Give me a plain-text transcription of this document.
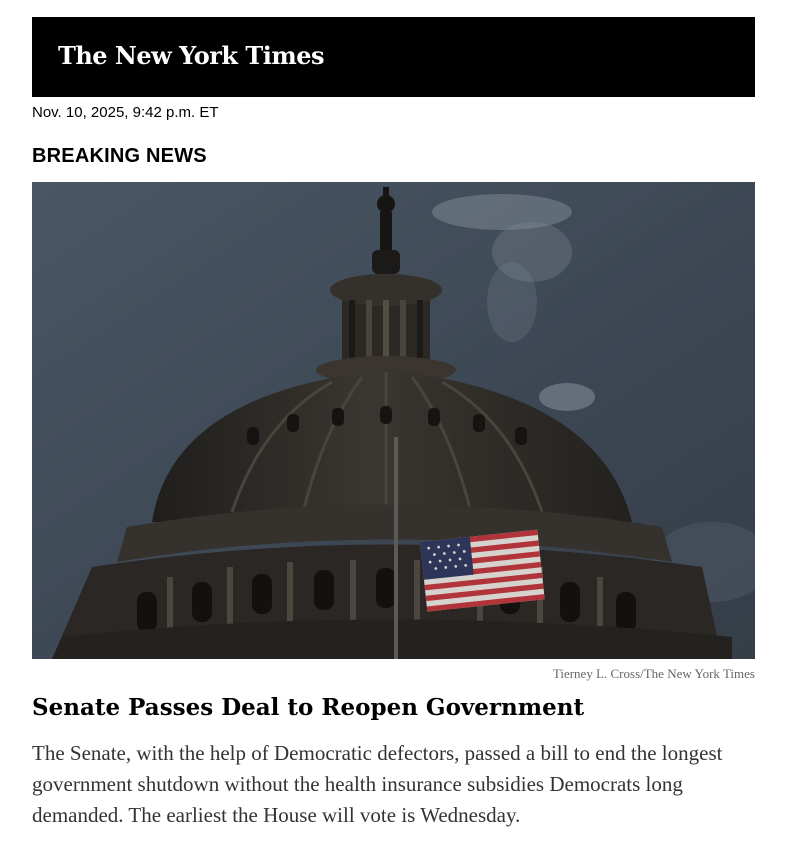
The New York Times
Nov. 10, 2025, 9:42 p.m. ET
BREAKING NEWS
Tierney L. Cross/The New York Times
Senate Passes Deal to Reopen Government
The Senate, with the help of Democratic defectors, passed a bill to end the longest government shutdown without the health insurance subsidies Democrats long demanded. The earliest the House will vote is Wednesday.
